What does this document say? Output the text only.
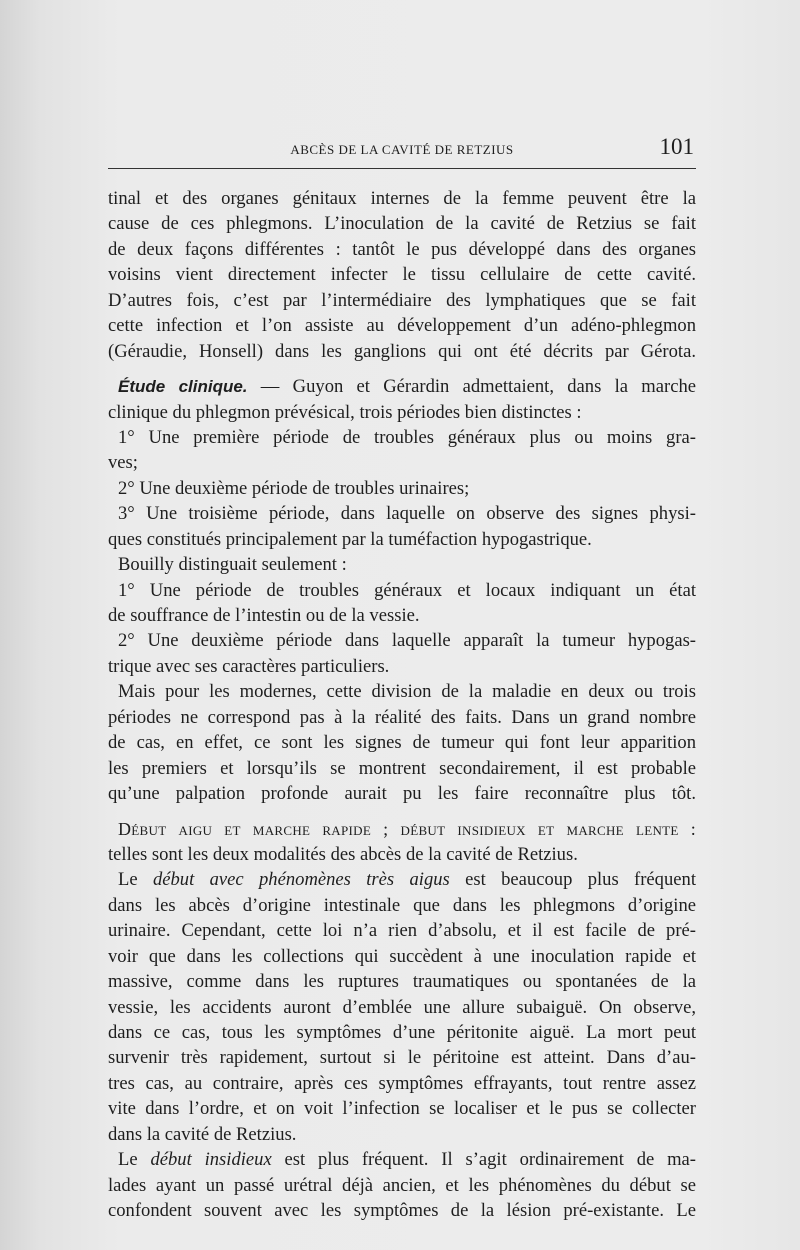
ABCÈS DE LA CAVITÉ DE RETZIUS	101
tinal et des organes génitaux internes de la femme peuvent être la
cause de ces phlegmons. L’inoculation de la cavité de Retzius se fait
de deux façons différentes : tantôt le pus développé dans des organes
voisins vient directement infecter le tissu cellulaire de cette cavité.
D’autres fois, c’est par l’intermédiaire des lymphatiques que se fait
cette infection et l’on assiste au développement d’un adéno-phlegmon
(Géraudie, Honsell) dans les ganglions qui ont été décrits par Gérota.
Étude clinique. — Guyon et Gérardin admettaient, dans la marche
clinique du phlegmon prévésical, trois périodes bien distinctes :
1° Une première période de troubles généraux plus ou moins gra-
ves;
2° Une deuxième période de troubles urinaires;
3° Une troisième période, dans laquelle on observe des signes physi-
ques constitués principalement par la tuméfaction hypogastrique.
Bouilly distinguait seulement :
1° Une période de troubles généraux et locaux indiquant un état
de souffrance de l’intestin ou de la vessie.
2° Une deuxième période dans laquelle apparaît la tumeur hypogas-
trique avec ses caractères particuliers.
Mais pour les modernes, cette division de la maladie en deux ou trois
périodes ne correspond pas à la réalité des faits. Dans un grand nombre
de cas, en effet, ce sont les signes de tumeur qui font leur apparition
les premiers et lorsqu’ils se montrent secondairement, il est probable
qu’une palpation profonde aurait pu les faire reconnaître plus tôt.
Début aigu et marche rapide ; début insidieux et marche lente :
telles sont les deux modalités des abcès de la cavité de Retzius.
Le début avec phénomènes très aigus est beaucoup plus fréquent
dans les abcès d’origine intestinale que dans les phlegmons d’origine
urinaire. Cependant, cette loi n’a rien d’absolu, et il est facile de pré-
voir que dans les collections qui succèdent à une inoculation rapide et
massive, comme dans les ruptures traumatiques ou spontanées de la
vessie, les accidents auront d’emblée une allure subaiguë. On observe,
dans ce cas, tous les symptômes d’une péritonite aiguë. La mort peut
survenir très rapidement, surtout si le péritoine est atteint. Dans d’au-
tres cas, au contraire, après ces symptômes effrayants, tout rentre assez
vite dans l’ordre, et on voit l’infection se localiser et le pus se collecter
dans la cavité de Retzius.
Le début insidieux est plus fréquent. Il s’agit ordinairement de ma-
lades ayant un passé urétral déjà ancien, et les phénomènes du début se
confondent souvent avec les symptômes de la lésion pré-existante. Le
